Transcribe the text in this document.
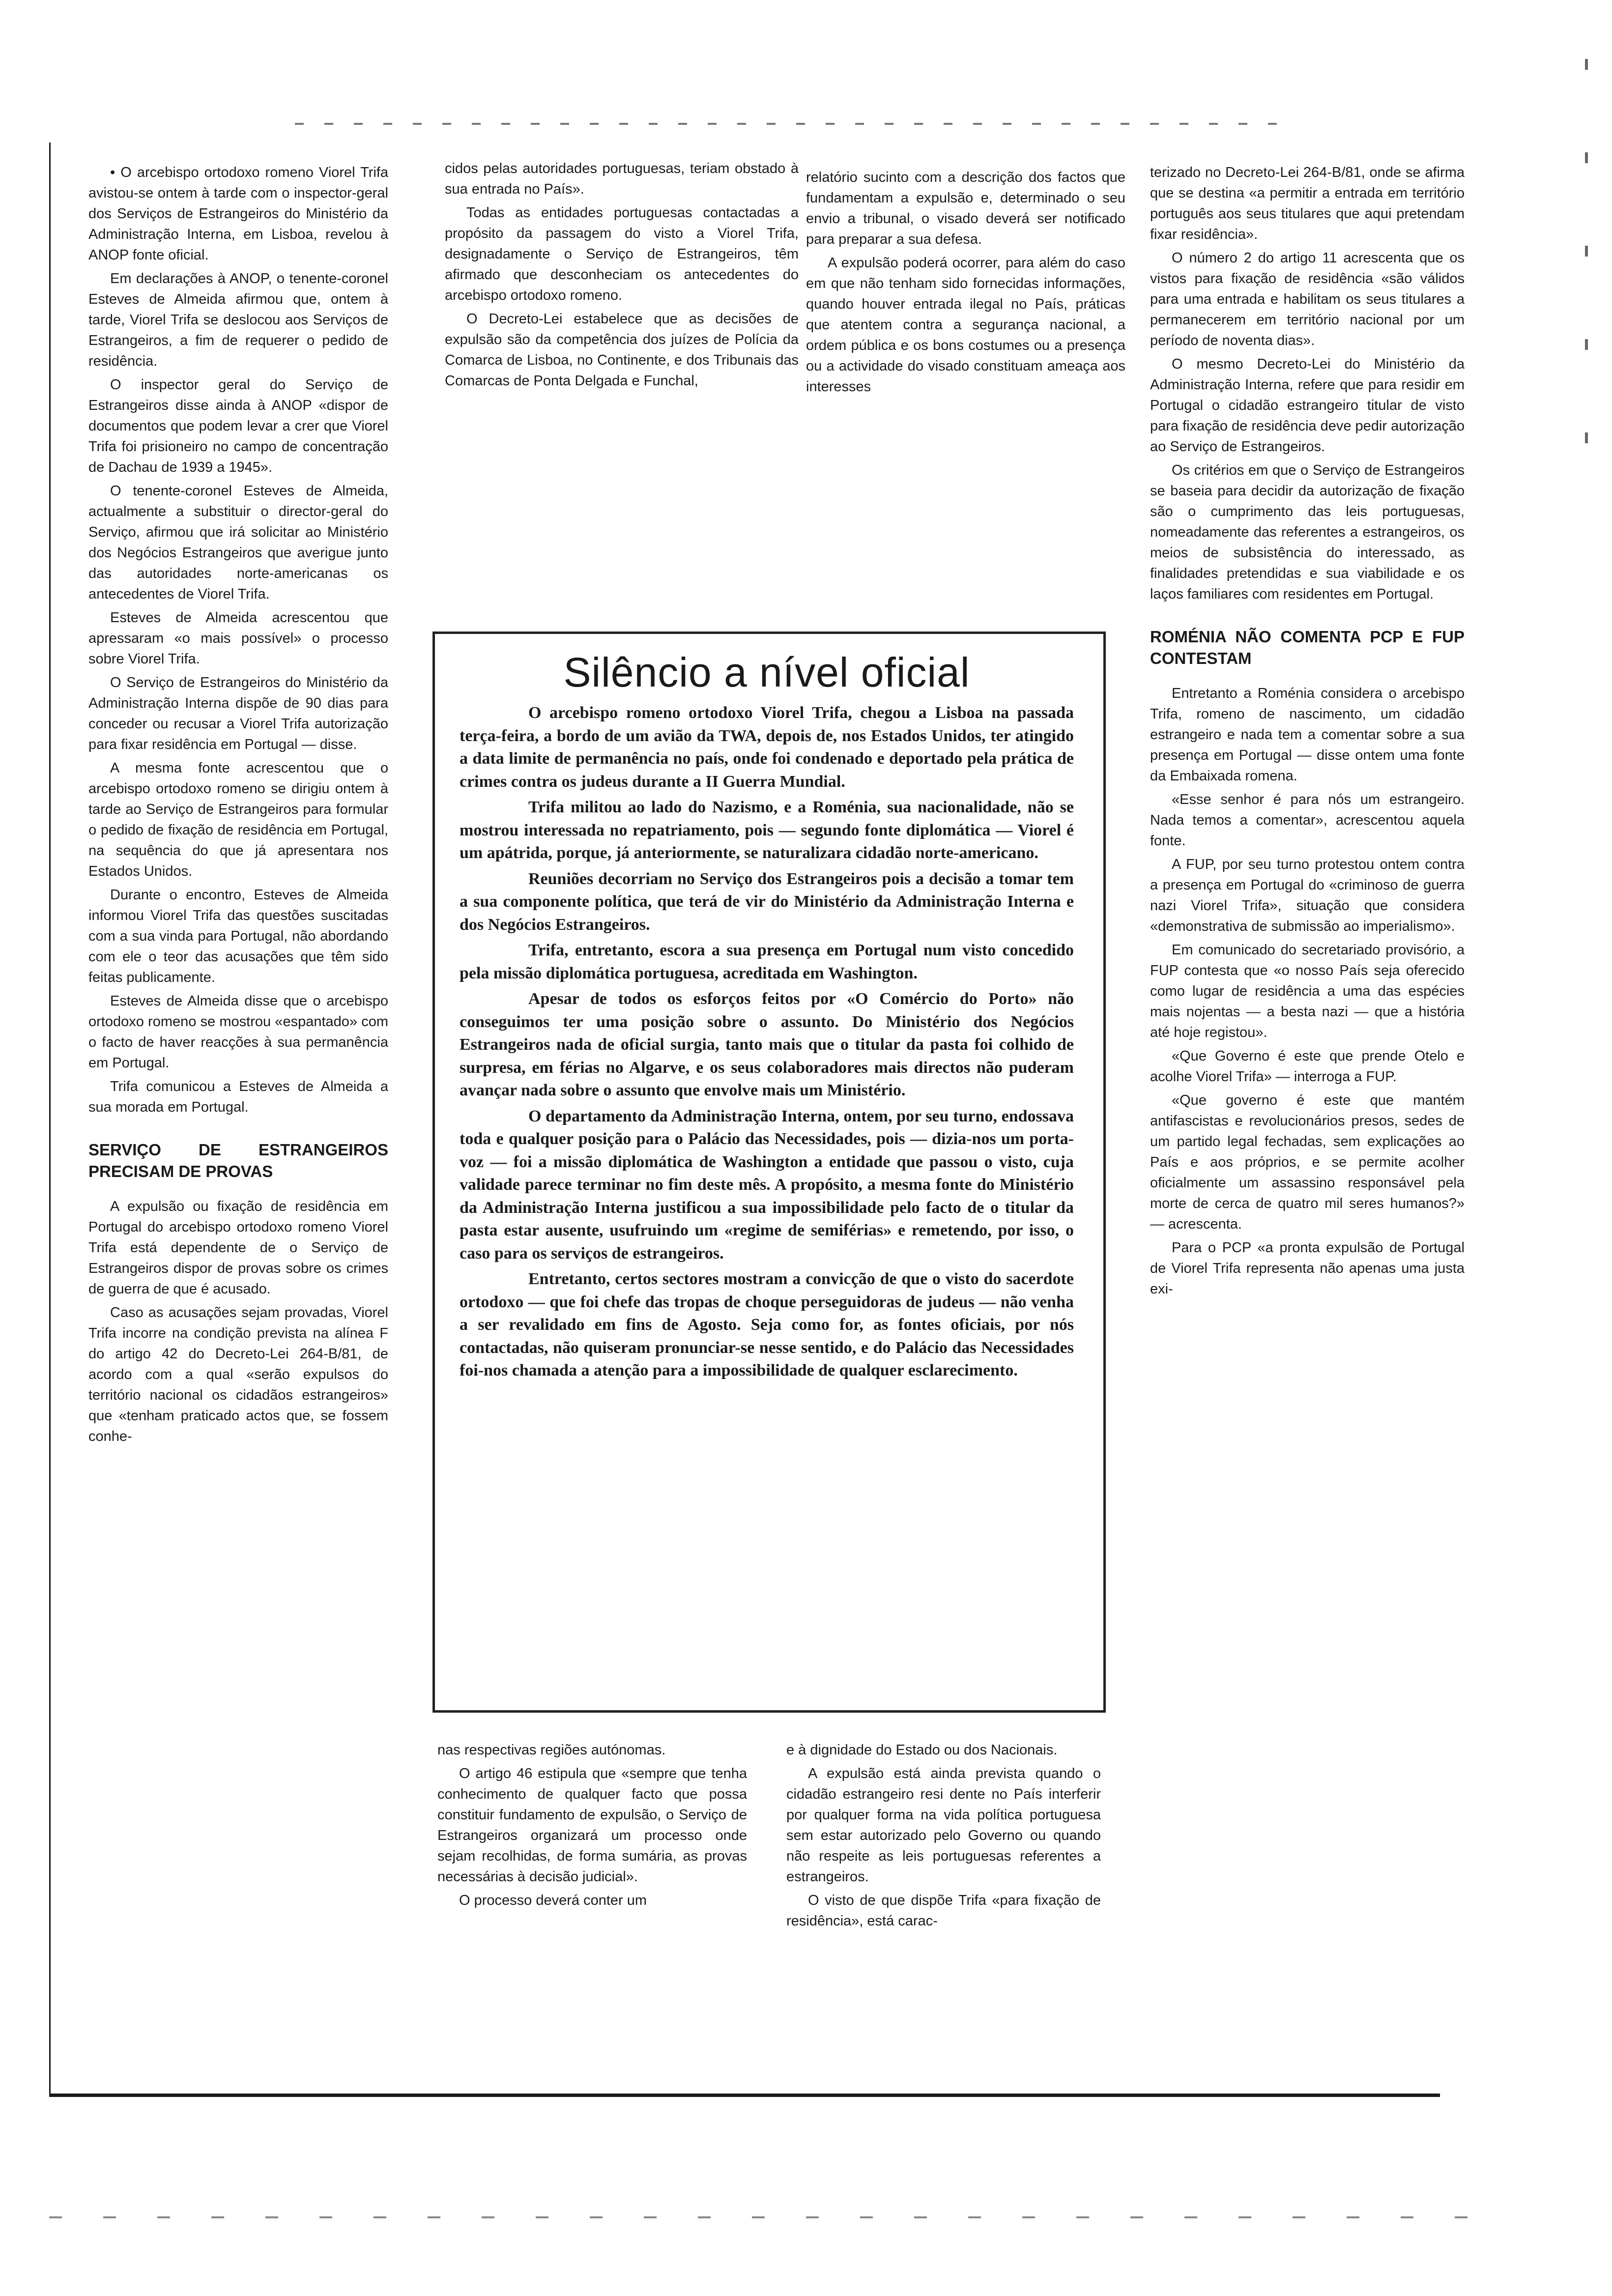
• O arcebispo ortodoxo romeno Viorel Trifa avistou-se ontem à tarde com o inspector-geral dos Serviços de Estrangeiros do Ministério da Administração Interna, em Lisboa, revelou à ANOP fonte oficial.

Em declarações à ANOP, o tenente-coronel Esteves de Almeida afirmou que, ontem à tarde, Viorel Trifa se deslocou aos Serviços de Estrangeiros, a fim de requerer o pedido de residência.

O inspector geral do Serviço de Estrangeiros disse ainda à ANOP «dispor de documentos que podem levar a crer que Viorel Trifa foi prisioneiro no campo de concentração de Dachau de 1939 a 1945».

O tenente-coronel Esteves de Almeida, actualmente a substituir o director-geral do Serviço, afirmou que irá solicitar ao Ministério dos Negócios Estrangeiros que averigue junto das autoridades norte-americanas os antecedentes de Viorel Trifa.

Esteves de Almeida acrescentou que apressaram «o mais possível» o processo sobre Viorel Trifa.

O Serviço de Estrangeiros do Ministério da Administração Interna dispõe de 90 dias para conceder ou recusar a Viorel Trifa autorização para fixar residência em Portugal — disse.

A mesma fonte acrescentou que o arcebispo ortodoxo romeno se dirigiu ontem à tarde ao Serviço de Estrangeiros para formular o pedido de fixação de residência em Portugal, na sequência do que já apresentara nos Estados Unidos.

Durante o encontro, Esteves de Almeida informou Viorel Trifa das questões suscitadas com a sua vinda para Portugal, não abordando com ele o teor das acusações que têm sido feitas publicamente.

Esteves de Almeida disse que o arcebispo ortodoxo romeno se mostrou «espantado» com o facto de haver reacções à sua permanência em Portugal.

Trifa comunicou a Esteves de Almeida a sua morada em Portugal.

SERVIÇO DE ESTRANGEIROS PRECISAM DE PROVAS

A expulsão ou fixação de residência em Portugal do arcebispo ortodoxo romeno Viorel Trifa está dependente de o Serviço de Estrangeiros dispor de provas sobre os crimes de guerra de que é acusado.

Caso as acusações sejam provadas, Viorel Trifa incorre na condição prevista na alínea F do artigo 42 do Decreto-Lei 264-B/81, de acordo com a qual «serão expulsos do território nacional os cidadãos estrangeiros» que «tenham praticado actos que, se fossem conhe-

cidos pelas autoridades portuguesas, teriam obstado à sua entrada no País».

Todas as entidades portuguesas contactadas a propósito da passagem do visto a Viorel Trifa, designadamente o Serviço de Estrangeiros, têm afirmado que desconheciam os antecedentes do arcebispo ortodoxo romeno.

O Decreto-Lei estabelece que as decisões de expulsão são da competência dos juízes de Polícia da Comarca de Lisboa, no Continente, e dos Tribunais das Comarcas de Ponta Delgada e Funchal,

relatório sucinto com a descrição dos factos que fundamentam a expulsão e, determinado o seu envio a tribunal, o visado deverá ser notificado para preparar a sua defesa.

A expulsão poderá ocorrer, para além do caso em que não tenham sido fornecidas informações, quando houver entrada ilegal no País, práticas que atentem contra a segurança nacional, a ordem pública e os bons costumes ou a presença ou a actividade do visado constituam ameaça aos interesses

terizado no Decreto-Lei 264-B/81, onde se afirma que se destina «a permitir a entrada em território português aos seus titulares que aqui pretendam fixar residência».

O número 2 do artigo 11 acrescenta que os vistos para fixação de residência «são válidos para uma entrada e habilitam os seus titulares a permanecerem em território nacional por um período de noventa dias».

O mesmo Decreto-Lei do Ministério da Administração Interna, refere que para residir em Portugal o cidadão estrangeiro titular de visto para fixação de residência deve pedir autorização ao Serviço de Estrangeiros.

Os critérios em que o Serviço de Estrangeiros se baseia para decidir da autorização de fixação são o cumprimento das leis portuguesas, nomeadamente das referentes a estrangeiros, os meios de subsistência do interessado, as finalidades pretendidas e sua viabilidade e os laços familiares com residentes em Portugal.

ROMÉNIA NÃO COMENTA PCP E FUP CONTESTAM

Entretanto a Roménia considera o arcebispo Trifa, romeno de nascimento, um cidadão estrangeiro e nada tem a comentar sobre a sua presença em Portugal — disse ontem uma fonte da Embaixada romena.

«Esse senhor é para nós um estrangeiro. Nada temos a comentar», acrescentou aquela fonte.

A FUP, por seu turno protestou ontem contra a presença em Portugal do «criminoso de guerra nazi Viorel Trifa», situação que considera «demonstrativa de submissão ao imperialismo».

Em comunicado do secretariado provisório, a FUP contesta que «o nosso País seja oferecido como lugar de residência a uma das espécies mais nojentas — a besta nazi — que a história até hoje registou».

«Que Governo é este que prende Otelo e acolhe Viorel Trifa» — interroga a FUP.

«Que governo é este que mantém antifascistas e revolucionários presos, sedes de um partido legal fechadas, sem explicações ao País e aos próprios, e se permite acolher oficialmente um assassino responsável pela morte de cerca de quatro mil seres humanos?» — acrescenta.

Para o PCP «a pronta expulsão de Portugal de Viorel Trifa representa não apenas uma justa exi-

Silêncio a nível oficial

O arcebispo romeno ortodoxo Viorel Trifa, chegou a Lisboa na passada terça-feira, a bordo de um avião da TWA, depois de, nos Estados Unidos, ter atingido a data limite de permanência no país, onde foi condenado e deportado pela prática de crimes contra os judeus durante a II Guerra Mundial.

Trifa militou ao lado do Nazismo, e a Roménia, sua nacionalidade, não se mostrou interessada no repatriamento, pois — segundo fonte diplomática — Viorel é um apátrida, porque, já anteriormente, se naturalizara cidadão norte-americano.

Reuniões decorriam no Serviço dos Estrangeiros pois a decisão a tomar tem a sua componente política, que terá de vir do Ministério da Administração Interna e dos Negócios Estrangeiros.

Trifa, entretanto, escora a sua presença em Portugal num visto concedido pela missão diplomática portuguesa, acreditada em Washington.

Apesar de todos os esforços feitos por «O Comércio do Porto» não conseguimos ter uma posição sobre o assunto. Do Ministério dos Negócios Estrangeiros nada de oficial surgia, tanto mais que o titular da pasta foi colhido de surpresa, em férias no Algarve, e os seus colaboradores mais directos não puderam avançar nada sobre o assunto que envolve mais um Ministério.

O departamento da Administração Interna, ontem, por seu turno, endossava toda e qualquer posição para o Palácio das Necessidades, pois — dizia-nos um porta-voz — foi a missão diplomática de Washington a entidade que passou o visto, cuja validade parece terminar no fim deste mês. A propósito, a mesma fonte do Ministério da Administração Interna justificou a sua impossibilidade pelo facto de o titular da pasta estar ausente, usufruindo um «regime de semiférias» e remetendo, por isso, o caso para os serviços de estrangeiros.

Entretanto, certos sectores mostram a convicção de que o visto do sacerdote ortodoxo — que foi chefe das tropas de choque perseguidoras de judeus — não venha a ser revalidado em fins de Agosto. Seja como for, as fontes oficiais, por nós contactadas, não quiseram pronunciar-se nesse sentido, e do Palácio das Necessidades foi-nos chamada a atenção para a impossibilidade de qualquer esclarecimento.

nas respectivas regiões autónomas.

O artigo 46 estipula que «sempre que tenha conhecimento de qualquer facto que possa constituir fundamento de expulsão, o Serviço de Estrangeiros organizará um processo onde sejam recolhidas, de forma sumária, as provas necessárias à decisão judicial».

O processo deverá conter um

e à dignidade do Estado ou dos Nacionais.

A expulsão está ainda prevista quando o cidadão estrangeiro resi dente no País interferir por qualquer forma na vida política portuguesa sem estar autorizado pelo Governo ou quando não respeite as leis portuguesas referentes a estrangeiros.

O visto de que dispõe Trifa «para fixação de residência», está carac-
